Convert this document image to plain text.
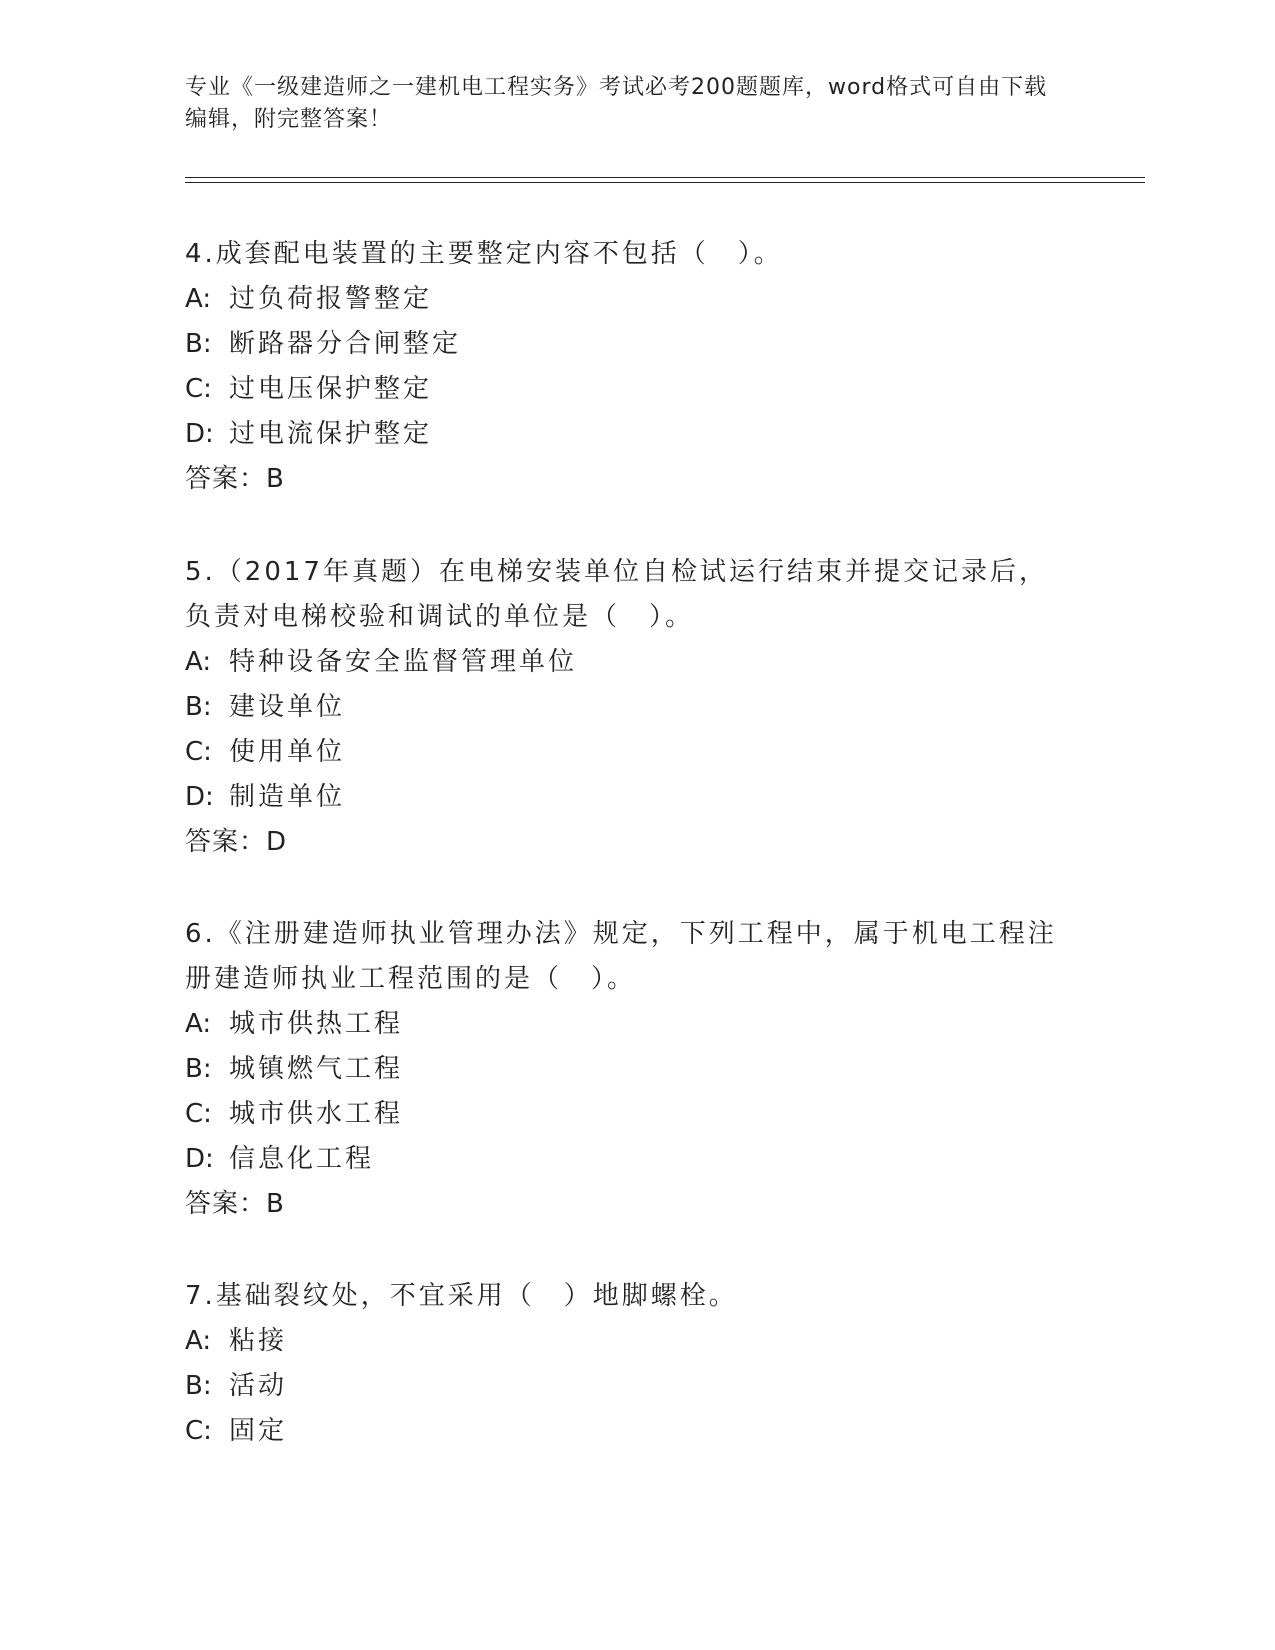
专业《一级建造师之一建机电工程实务》考试必考200题题库，word格式可自由下载编辑，附完整答案！

4.成套配电装置的主要整定内容不包括（　）。

A: 过负荷报警整定

B: 断路器分合闸整定

C: 过电压保护整定

D: 过电流保护整定

答案：B

5.（2017年真题）在电梯安装单位自检试运行结束并提交记录后，负责对电梯校验和调试的单位是（　）。

A: 特种设备安全监督管理单位

B: 建设单位

C: 使用单位

D: 制造单位

答案：D

6.《注册建造师执业管理办法》规定，下列工程中，属于机电工程注册建造师执业工程范围的是（　）。

A: 城市供热工程

B: 城镇燃气工程

C: 城市供水工程

D: 信息化工程

答案：B

7.基础裂纹处，不宜采用（　）地脚螺栓。

A: 粘接

B: 活动

C: 固定
